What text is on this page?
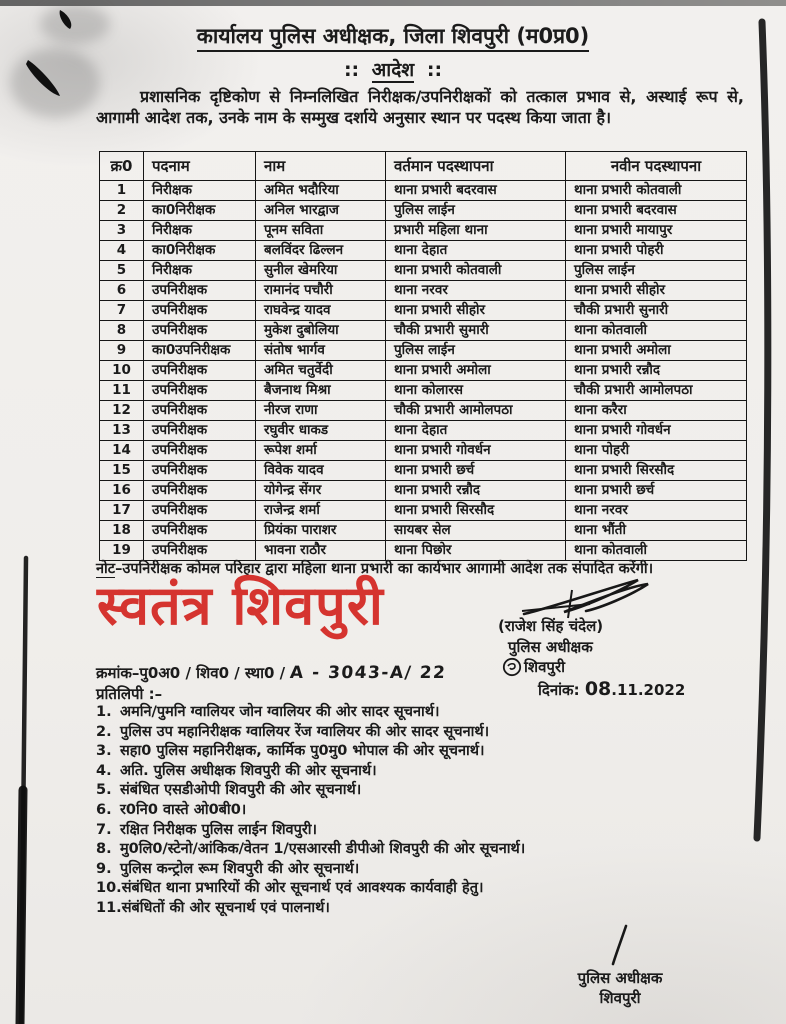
कार्यालय पुलिस अधीक्षक, जिला शिवपुरी (म0प्र0)
:: आदेश ::
प्रशासनिक दृष्टिकोण से निम्नलिखित निरीक्षक/उपनिरीक्षकों को तत्काल प्रभाव से, अस्थाई रूप से, आगामी आदेश तक, उनके नाम के सम्मुख दर्शाये अनुसार स्थान पर पदस्थ किया जाता है।
क्र0	पदनाम	नाम	वर्तमान पदस्थापना	नवीन पदस्थापना
1	निरीक्षक	अमित भदौरिया	थाना प्रभारी बदरवास	थाना प्रभारी कोतवाली
2	का0निरीक्षक	अनिल भारद्वाज	पुलिस लाईन	थाना प्रभारी बदरवास
3	निरीक्षक	पूनम सविता	प्रभारी महिला थाना	थाना प्रभारी मायापुर
4	का0निरीक्षक	बलविंदर ढिल्लन	थाना देहात	थाना प्रभारी पोहरी
5	निरीक्षक	सुनील खेमरिया	थाना प्रभारी कोतवाली	पुलिस लाईन
6	उपनिरीक्षक	रामानंद पचौरी	थाना नरवर	थाना प्रभारी सीहोर
7	उपनिरीक्षक	राघवेन्द्र यादव	थाना प्रभारी सीहोर	चौकी प्रभारी सुनारी
8	उपनिरीक्षक	मुकेश दुबोलिया	चौकी प्रभारी सुमारी	थाना कोतवाली
9	का0उपनिरीक्षक	संतोष भार्गव	पुलिस लाईन	थाना प्रभारी अमोला
10	उपनिरीक्षक	अमित चतुर्वेदी	थाना प्रभारी अमोला	थाना प्रभारी रन्नौद
11	उपनिरीक्षक	बैजनाथ मिश्रा	थाना कोलारस	चौकी प्रभारी आमोलपठा
12	उपनिरीक्षक	नीरज राणा	चौकी प्रभारी आमोलपठा	थाना करैरा
13	उपनिरीक्षक	रघुवीर धाकड	थाना देहात	थाना प्रभारी गोवर्धन
14	उपनिरीक्षक	रूपेश शर्मा	थाना प्रभारी गोवर्धन	थाना पोहरी
15	उपनिरीक्षक	विवेक यादव	थाना प्रभारी छर्च	थाना प्रभारी सिरसौद
16	उपनिरीक्षक	योगेन्द्र सेंगर	थाना प्रभारी रन्नौद	थाना प्रभारी छर्च
17	उपनिरीक्षक	राजेन्द्र शर्मा	थाना प्रभारी सिरसौद	थाना नरवर
18	उपनिरीक्षक	प्रियंका पाराशर	सायबर सेल	थाना भौंती
19	उपनिरीक्षक	भावना राठौर	थाना पिछोर	थाना कोतवाली
नोट–उपनिरीक्षक कोमल परिहार द्वारा महिला थाना प्रभारी का कार्यभार आगामी आदेश तक संपादित करेंगी।
स्वतंत्र शिवपुरी	(राजेश सिंह चंदेल)
पुलिस अधीक्षक
शिवपुरी
दिनांक: 08.11.2022
क्रमांक–पु0अ0 / शिव0 / स्था0 / A - 3043-A/ 22
प्रतिलिपी :–
1. अमनि/पुमनि ग्वालियर जोन ग्वालियर की ओर सादर सूचनार्थ।
2. पुलिस उप महानिरीक्षक ग्वालियर रेंज ग्वालियर की ओर सादर सूचनार्थ।
3. सहा0 पुलिस महानिरीक्षक, कार्मिक पु0मु0 भोपाल की ओर सूचनार्थ।
4. अति. पुलिस अधीक्षक शिवपुरी की ओर सूचनार्थ।
5. संबंधित एसडीओपी शिवपुरी की ओर सूचनार्थ।
6. र0नि0 वास्ते ओ0बी0।
7. रक्षित निरीक्षक पुलिस लाईन शिवपुरी।
8. मु0लि0/स्टेनो/आंकिक/वेतन 1/एसआरसी डीपीओ शिवपुरी की ओर सूचनार्थ।
9. पुलिस कन्ट्रोल रूम शिवपुरी की ओर सूचनार्थ।
10.संबंधित थाना प्रभारियों की ओर सूचनार्थ एवं आवश्यक कार्यवाही हेतु।
11.संबंधितों की ओर सूचनार्थ एवं पालनार्थ।
पुलिस अधीक्षक
शिवपुरी
